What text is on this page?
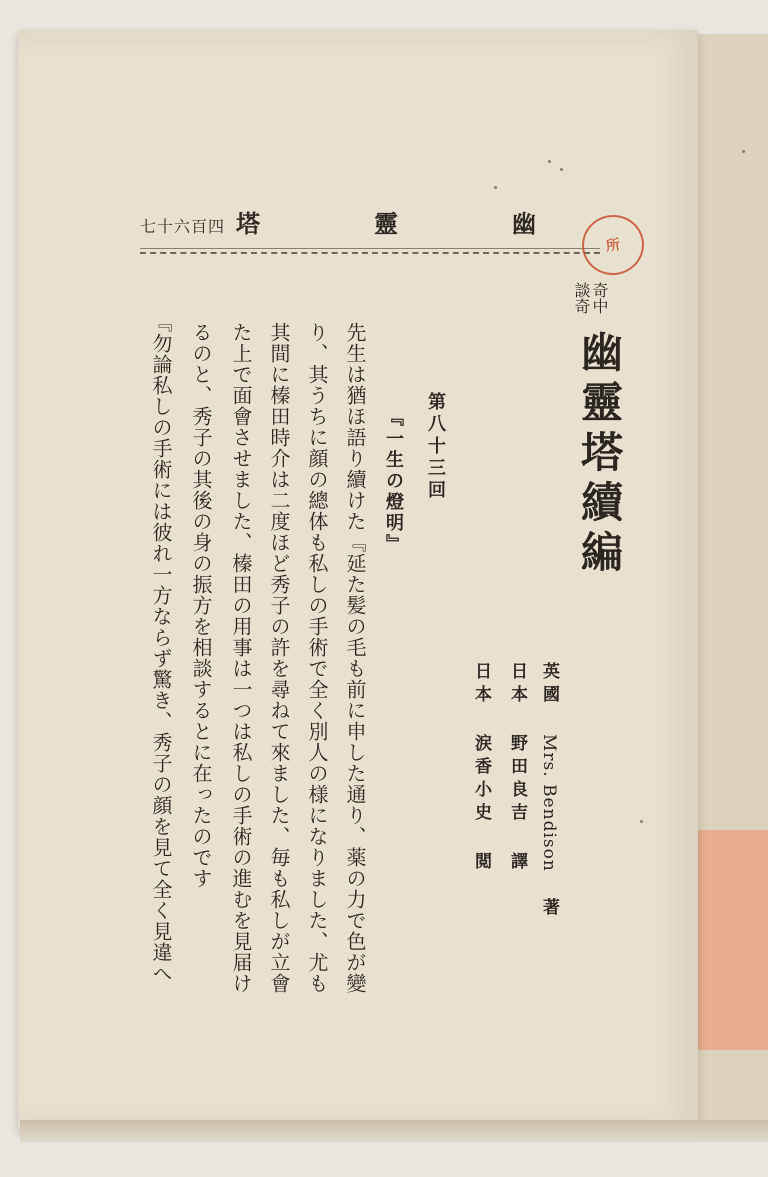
七十六百四 塔	靈	幽
所
奇中
談奇
幽靈塔續編
英國 Mrs. Bendison 著
日本 野田良吉 譯
日本 涙香小史 閲
第八十三回
『一生の燈明』
先生は猶ほ語り續けた『延た髪の毛も前に申した通り、薬の力で色が變
り、其うちに顔の總体も私しの手術で全く別人の様になりました、尤も
其間に榛田時介は二度ほど秀子の許を尋ねて來ました、毎も私しが立會
た上で面會させました、榛田の用事は一つは私しの手術の進むを見届け
るのと、秀子の其後の身の振方を相談するとに在ったのです
『勿論私しの手術には彼れ一方ならず驚き、秀子の顔を見て全く見違へ
